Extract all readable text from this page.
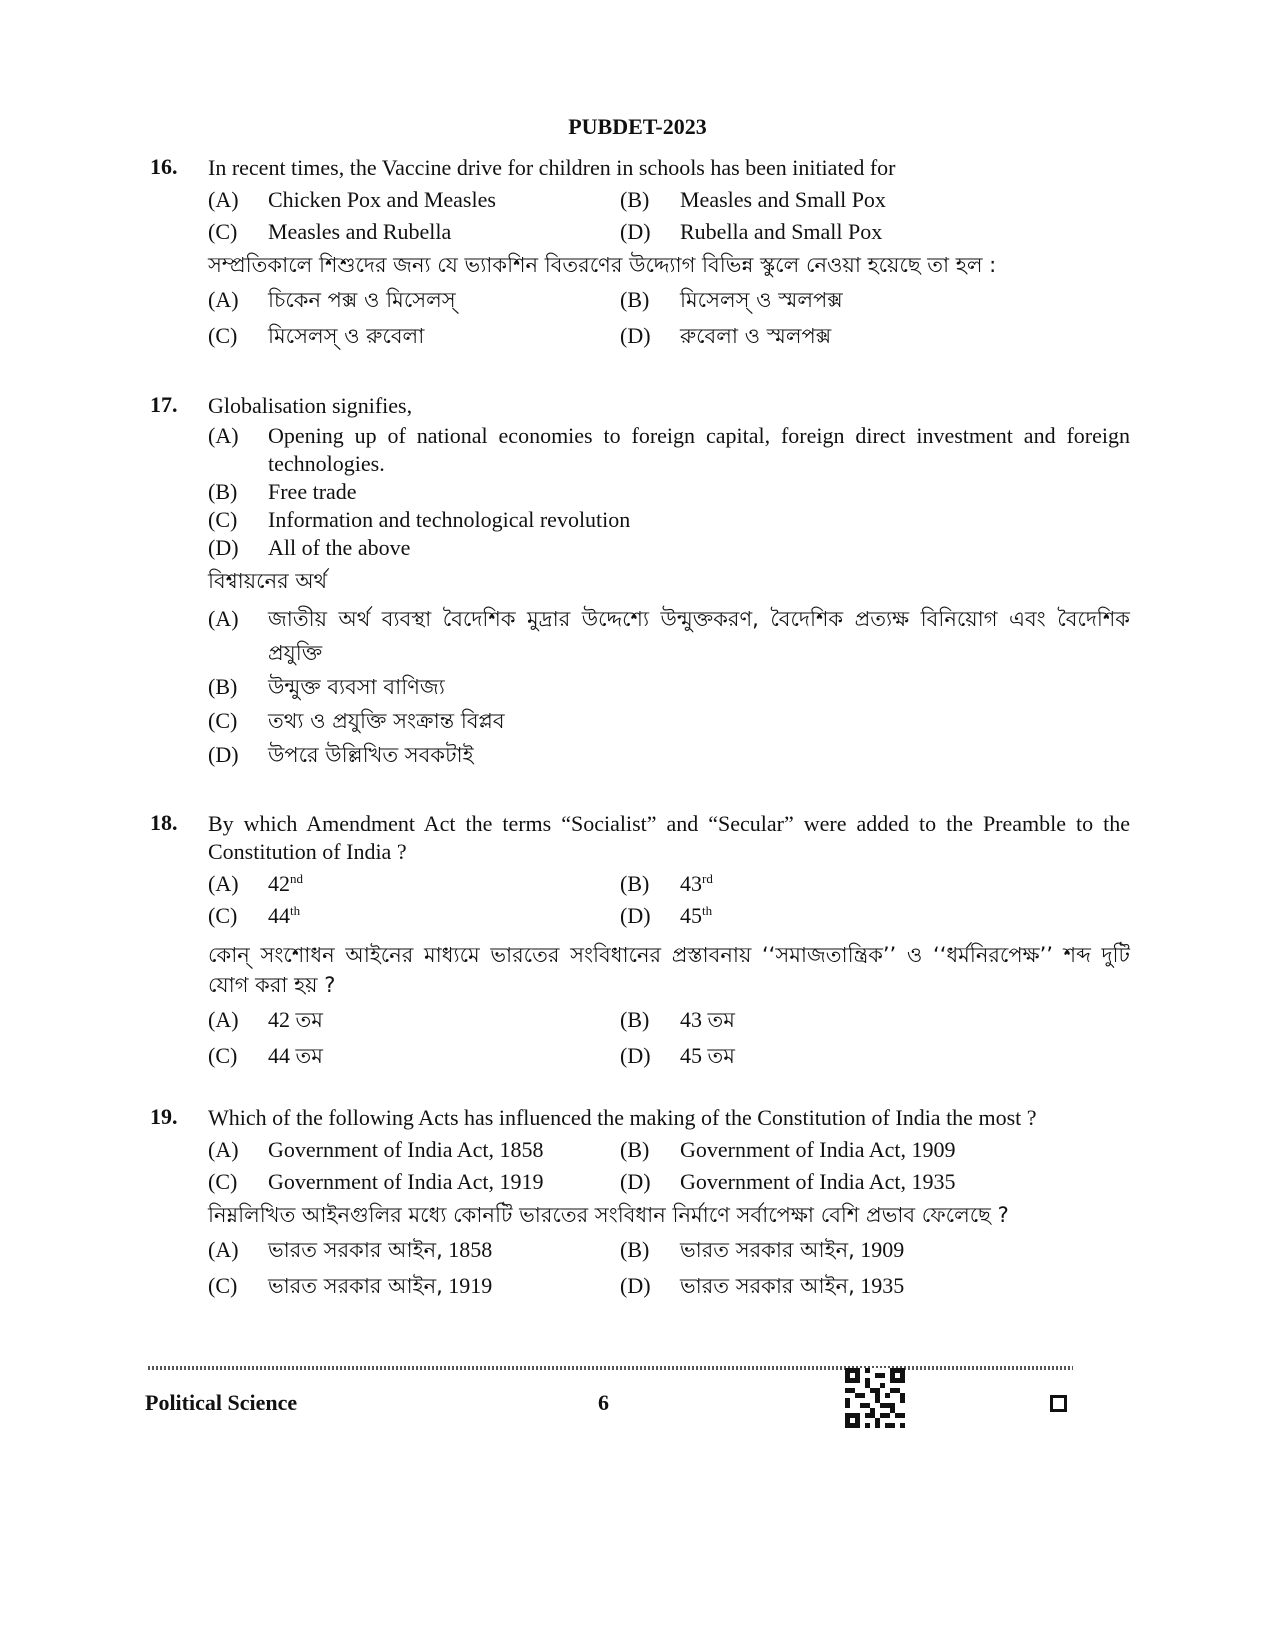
PUBDET-2023
16. In recent times, the Vaccine drive for children in schools has been initiated for
(A)	Chicken Pox and Measles	(B)	Measles and Small Pox
(C)	Measles and Rubella	(D)	Rubella and Small Pox
সম্প্রতিকালে শিশুদের জন্য যে ভ্যাকশিন বিতরণের উদ্দ্যোগ বিভিন্ন স্কুলে নেওয়া হয়েছে তা হল :
(A)	চিকেন পক্স ও মিসেলস্	(B)	মিসেলস্ ও স্মলপক্স
(C)	মিসেলস্ ও রুবেলা	(D)	রুবেলা ও স্মলপক্স
17. Globalisation signifies,
(A)	Opening up of national economies to foreign capital, foreign direct investment and foreign technologies.
(B)	Free trade
(C)	Information and technological revolution
(D)	All of the above
বিশ্বায়নের অর্থ
(A)	জাতীয় অর্থ ব্যবস্থা বৈদেশিক মুদ্রার উদ্দেশ্যে উন্মুক্তকরণ, বৈদেশিক প্রত্যক্ষ বিনিয়োগ এবং বৈদেশিক প্রযুক্তি
(B)	উন্মুক্ত ব্যবসা বাণিজ্য
(C)	তথ্য ও প্রযুক্তি সংক্রান্ত বিপ্লব
(D)	উপরে উল্লিখিত সবকটাই
18. By which Amendment Act the terms “Socialist” and “Secular” were added to the Preamble to the Constitution of India ?
(A)	42nd	(B)	43rd
(C)	44th	(D)	45th
কোন্ সংশোধন আইনের মাধ্যমে ভারতের সংবিধানের প্রস্তাবনায় ‘‘সমাজতান্ত্রিক’’ ও ‘‘ধর্মনিরপেক্ষ’’ শব্দ দুটি যোগ করা হয় ?
(A)	42 তম	(B)	43 তম
(C)	44 তম	(D)	45 তম
19. Which of the following Acts has influenced the making of the Constitution of India the most ?
(A)	Government of India Act, 1858	(B)	Government of India Act, 1909
(C)	Government of India Act, 1919	(D)	Government of India Act, 1935
নিম্নলিখিত আইনগুলির মধ্যে কোনটি ভারতের সংবিধান নির্মাণে সর্বাপেক্ষা বেশি প্রভাব ফেলেছে ?
(A)	ভারত সরকার আইন, 1858	(B)	ভারত সরকার আইন, 1909
(C)	ভারত সরকার আইন, 1919	(D)	ভারত সরকার আইন, 1935
Political Science	6
